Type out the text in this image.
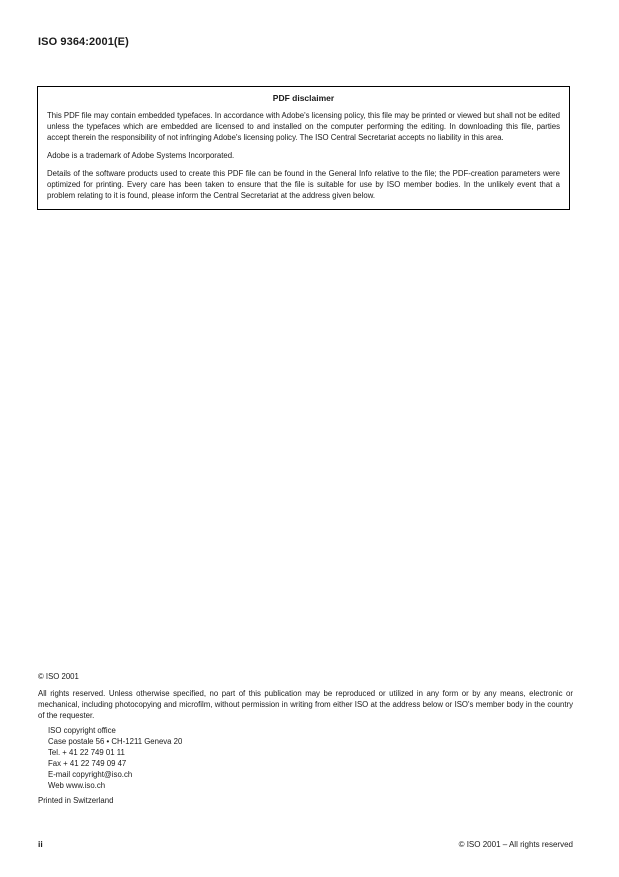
ISO 9364:2001(E)
PDF disclaimer

This PDF file may contain embedded typefaces. In accordance with Adobe's licensing policy, this file may be printed or viewed but shall not be edited unless the typefaces which are embedded are licensed to and installed on the computer performing the editing. In downloading this file, parties accept therein the responsibility of not infringing Adobe's licensing policy. The ISO Central Secretariat accepts no liability in this area.

Adobe is a trademark of Adobe Systems Incorporated.

Details of the software products used to create this PDF file can be found in the General Info relative to the file; the PDF-creation parameters were optimized for printing. Every care has been taken to ensure that the file is suitable for use by ISO member bodies. In the unlikely event that a problem relating to it is found, please inform the Central Secretariat at the address given below.

© ISO 2001
All rights reserved. Unless otherwise specified, no part of this publication may be reproduced or utilized in any form or by any means, electronic or mechanical, including photocopying and microfilm, without permission in writing from either ISO at the address below or ISO's member body in the country of the requester.
ISO copyright office
Case postale 56 • CH-1211 Geneva 20
Tel. + 41 22 749 01 11
Fax + 41 22 749 09 47
E-mail copyright@iso.ch
Web www.iso.ch
Printed in Switzerland
ii	© ISO 2001 – All rights reserved
